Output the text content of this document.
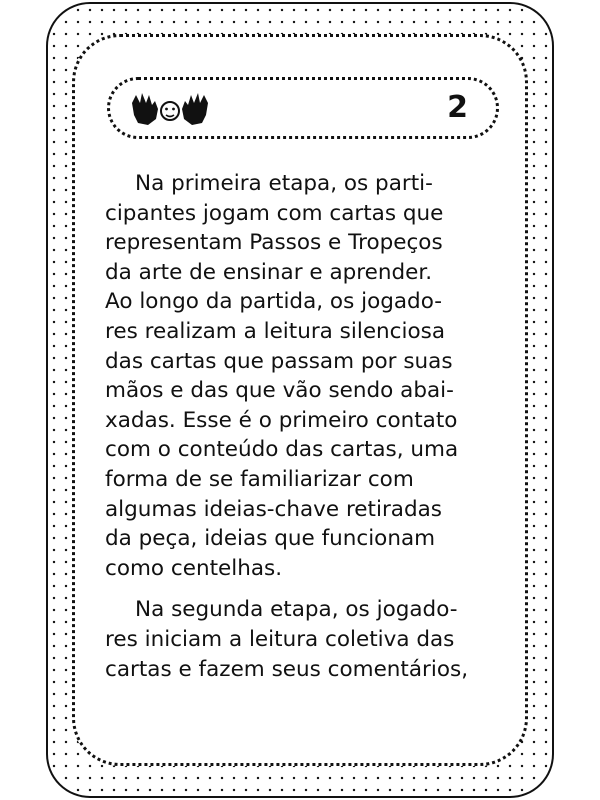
2

Na primeira etapa, os parti-
cipantes jogam com cartas que
representam Passos e Tropeços
da arte de ensinar e aprender.
Ao longo da partida, os jogado-
res realizam a leitura silenciosa
das cartas que passam por suas
mãos e das que vão sendo abai-
xadas. Esse é o primeiro contato
com o conteúdo das cartas, uma
forma de se familiarizar com
algumas ideias-chave retiradas
da peça, ideias que funcionam
como centelhas.

Na segunda etapa, os jogado-
res iniciam a leitura coletiva das
cartas e fazem seus comentários,
